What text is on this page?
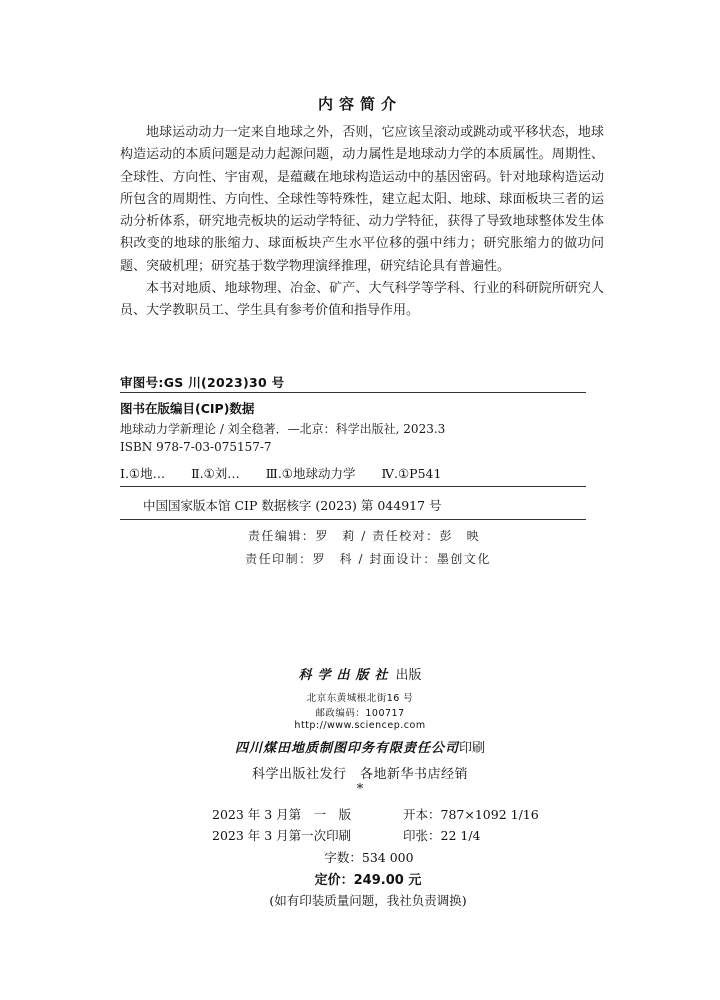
内容简介

地球运动动力一定来自地球之外，否则，它应该呈滚动或跳动或平移状态，地球构造运动的本质问题是动力起源问题，动力属性是地球动力学的本质属性。周期性、全球性、方向性、宇宙观，是蕴藏在地球构造运动中的基因密码。针对地球构造运动所包含的周期性、方向性、全球性等特殊性，建立起太阳、地球、球面板块三者的运动分析体系，研究地壳板块的运动学特征、动力学特征，获得了导致地球整体发生体积改变的地球的胀缩力、球面板块产生水平位移的强中纬力；研究胀缩力的做功问题、突破机理；研究基于数学物理演绎推理，研究结论具有普遍性。

本书对地质、地球物理、冶金、矿产、大气科学等学科、行业的科研院所研究人员、大学教职员工、学生具有参考价值和指导作用。

审图号:GS 川(2023)30 号
图书在版编目(CIP)数据
地球动力学新理论 / 刘全稳著．—北京：科学出版社, 2023.3
ISBN 978-7-03-075157-7
Ⅰ.①地… Ⅱ.①刘… Ⅲ.①地球动力学 Ⅳ.①P541
中国国家版本馆 CIP 数据核字 (2023) 第 044917 号
责任编辑：罗　莉 / 责任校对：彭　映
责任印制：罗　科 / 封面设计：墨创文化
科学出版社 出版
北京东黄城根北街16 号
邮政编码：100717
http://www.sciencep.com
四川煤田地质制图印务有限责任公司印刷
科学出版社发行　各地新华书店经销
*
2023 年 3 月第　一　版	开本：787×1092 1/16
2023 年 3 月第一次印刷	印张：22 1/4
字数：534 000
定价：249.00 元
(如有印装质量问题，我社负责调换)
